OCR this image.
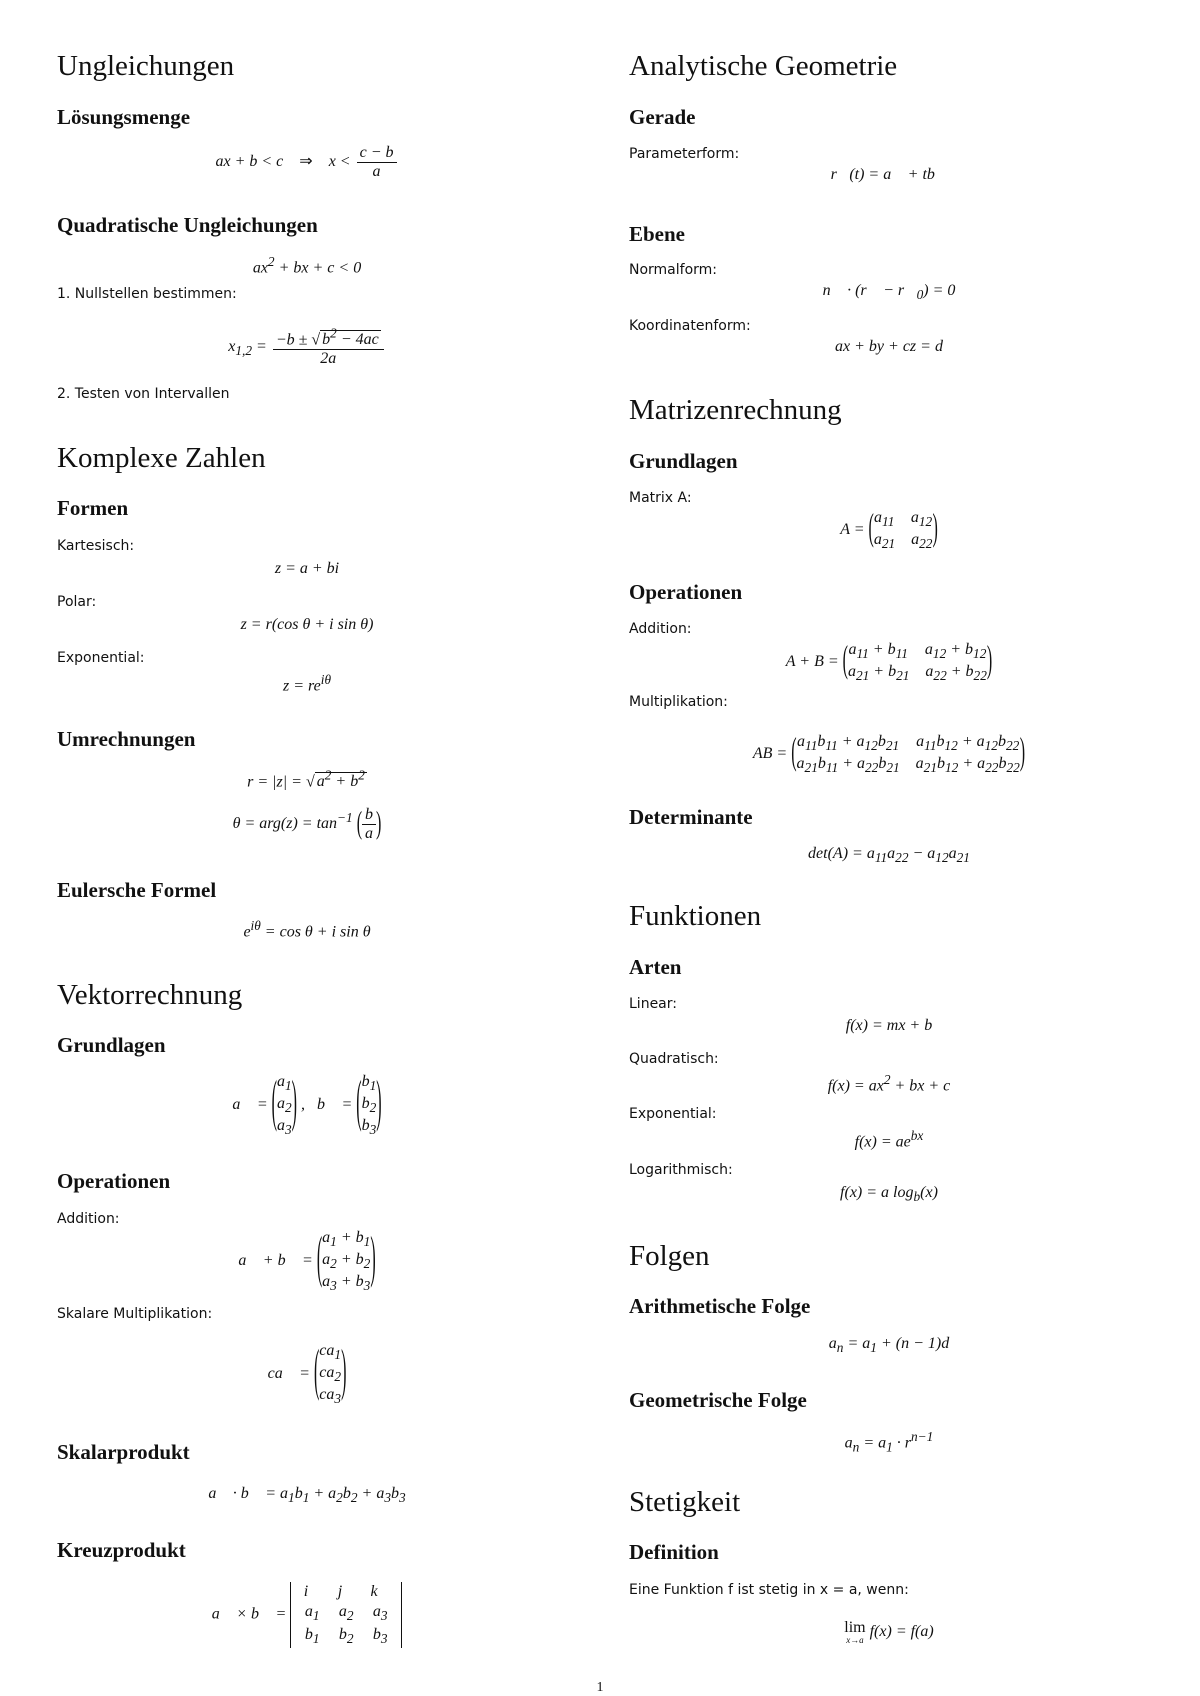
Ungleichungen
Lösungsmenge
ax + b < c    ⇒    $x < \frac{c - b}{a}$
Quadratische Ungleichungen
$ax^2$ + bx + c < 0
1. Nullstellen bestimmen:
$x_{1,2} = \frac{-b \pm √ b^2 - 4ac}{2a}$
2. Testen von Intervallen
Komplexe Zahlen
Formen
Kartesisch:
z = a + bi
Polar:
z = r(cos θ + i sin θ)
Exponential:
$z = re^{i\theta}$
Umrechnungen
r = |z| = √ $a^2 + b^2$
$\theta = arg(z) = \tan^{-1}$ ( $\frac{b}{a}$ )
Eulersche Formel
$e^{i\theta} = \cos \theta + i$ sin θ
Vektorrechnung
Grundlagen
a⃗ = ( $a_1$
$a_2$
$a_3$ ) ,   b⃗ = ( $b_1$
$b_2$
$b_3$ )
Operationen
Addition:
a⃗ + b⃗ = ( $a_1 + b_1$
$a_2 + b_2$
$a_3 + b_3$ )
Skalare Multiplikation:
ca⃗ = ( $ca_1$
$ca_2$
$ca_3$ )
Skalarprodukt
a⃗ · b⃗ = $a_1b_1 + a_2b_2 + a_3b_3$
Kreuzprodukt
a⃗ × b⃗ =
i⃗	j⃗ k⃗
$a_1$	$a_2$	$a_3$
$b_1$	$b_2$	$b_3$
Analytische Geometrie
Gerade
Parameterform:
r⃗(t) = a⃗ + tb⃗
Ebene
Normalform:
n⃗ · (r⃗ − $r⃗_0) = 0$
Koordinatenform:
ax + by + cz = d
Matrizenrechnung
Grundlagen
Matrix A:
A = ( $a_{11}$ $a_{12}$
$a_{21}$ $a_{22}$ )
Operationen
Addition:
A + B = ( $a_{11} + b_{11}$ $a_{12} + b_{12}$
$a_{21} + b_{21}$ $a_{22} + b_{22}$ )
Multiplikation:
AB = ( $a_{11}b_{11} + a_{12}b_{21}$ $a_{11}b_{12} + a_{12}b_{22}$
$a_{21}b_{11} + a_{22}b_{21}$ $a_{21}b_{12} + a_{22}b_{22}$ )
Determinante
$\det(A) = a_{11}a_{22} - a_{12}a_{21}$
Funktionen
Arten
Linear:
f(x) = mx + b
Quadratisch:
$f(x) = ax^2$ + bx + c
Exponential:
$f(x) = ae^{bx}$
Logarithmisch:
f(x) = a $\log_b(x)$
Folgen
Arithmetische Folge
$a_n = a_1 + (n - 1)d$
Geometrische Folge
$a_n = a_1 \cdot r^{n-1}$
Stetigkeit
Definition
Eine Funktion f ist stetig in x = a, wenn:
lim
x→a f(x) = f(a)
1
